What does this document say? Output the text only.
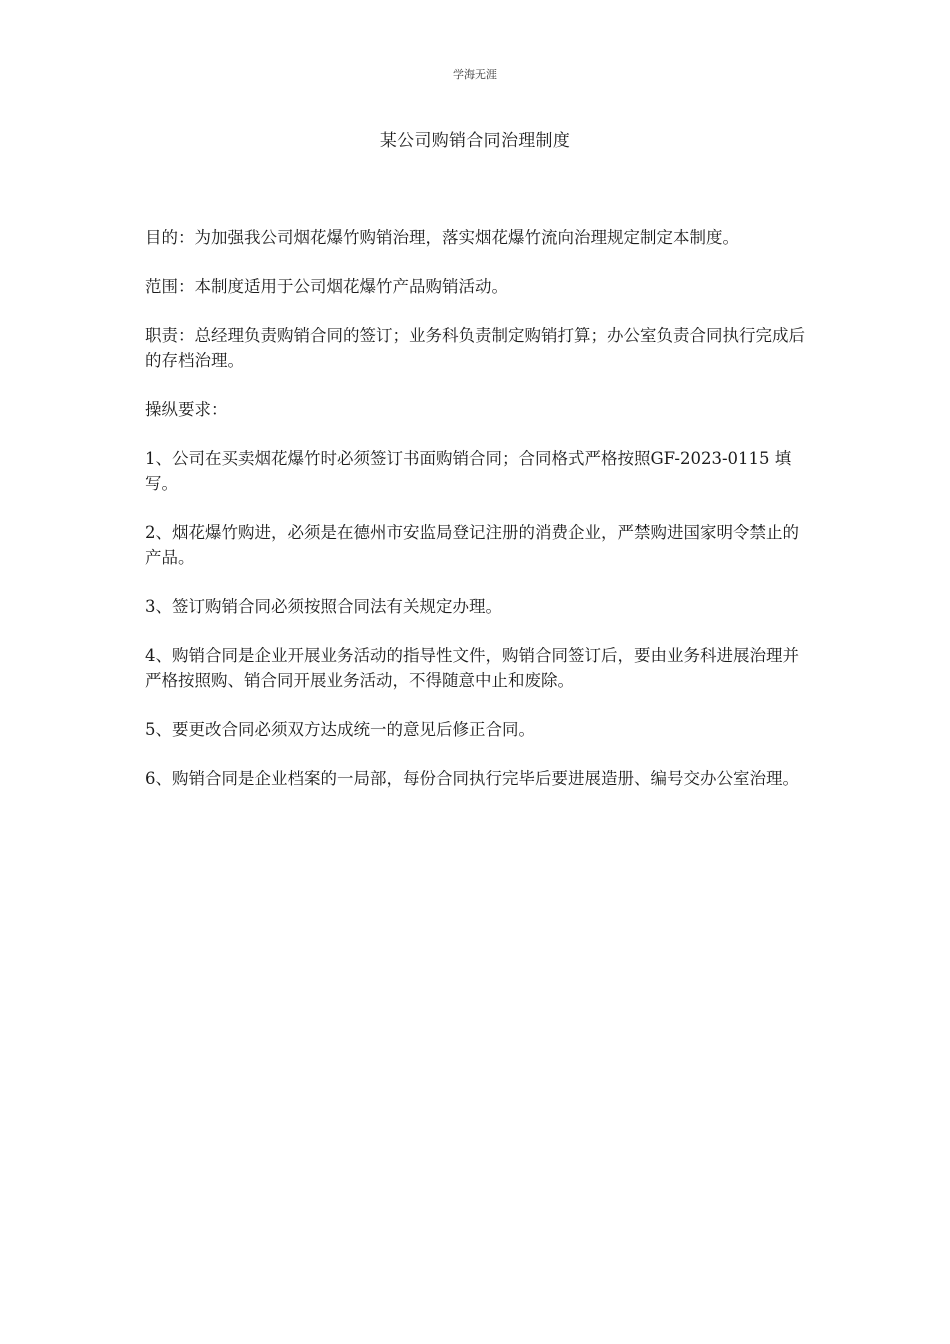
学海无涯
某公司购销合同治理制度

目的：为加强我公司烟花爆竹购销治理，落实烟花爆竹流向治理规定制定本制度。

范围：本制度适用于公司烟花爆竹产品购销活动。

职责：总经理负责购销合同的签订；业务科负责制定购销打算；办公室负责合同执行完成后的存档治理。

操纵要求：

1、公司在买卖烟花爆竹时必须签订书面购销合同；合同格式严格按照GF-2023-0115 填写。

2、烟花爆竹购进，必须是在德州市安监局登记注册的消费企业，严禁购进国家明令禁止的产品。

3、签订购销合同必须按照合同法有关规定办理。

4、购销合同是企业开展业务活动的指导性文件，购销合同签订后，要由业务科进展治理并严格按照购、销合同开展业务活动，不得随意中止和废除。

5、要更改合同必须双方达成统一的意见后修正合同。

6、购销合同是企业档案的一局部，每份合同执行完毕后要进展造册、编号交办公室治理。
